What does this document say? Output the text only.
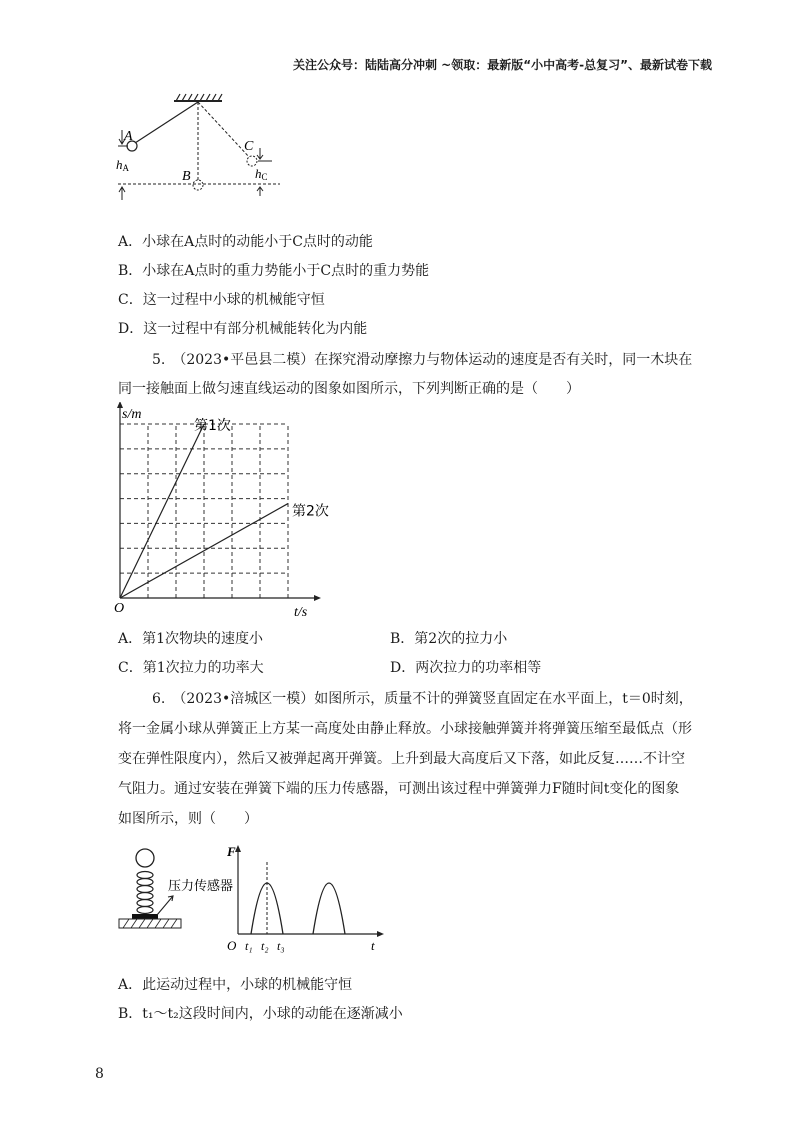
关注公众号：陆陆高分冲刺 ~领取：最新版“小中高考-总复习”、最新试卷下载
A
B
C
hA	hC
A．小球在A点时的动能小于C点时的动能
B．小球在A点时的重力势能小于C点时的重力势能
C．这一过程中小球的机械能守恒
D．这一过程中有部分机械能转化为内能
5.　（2023•平邑县二模）在探究滑动摩擦力与物体运动的速度是否有关时，同一木块在
同一接触面上做匀速直线运动的图象如图所示，下列判断正确的是（　　）
第1次
第2次
s/m
t/s
O
A．第1次物块的速度小	B．第2次的拉力小
C．第1次拉力的功率大	D．两次拉力的功率相等
6.　（2023•涪城区一模）如图所示，质量不计的弹簧竖直固定在水平面上，t＝0时刻，
将一金属小球从弹簧正上方某一高度处由静止释放。小球接触弹簧并将弹簧压缩至最低点（形
变在弹性限度内），然后又被弹起离开弹簧。上升到最大高度后又下落，如此反复……不计空
气阻力。通过安装在弹簧下端的压力传感器，可测出该过程中弹簧弹力F随时间t变化的图象
如图所示，则（　　）
压力传感器
F
t
O t₁ t₂ t₃
A．此运动过程中，小球的机械能守恒
B．t₁～t₂这段时间内，小球的动能在逐渐减小
8
